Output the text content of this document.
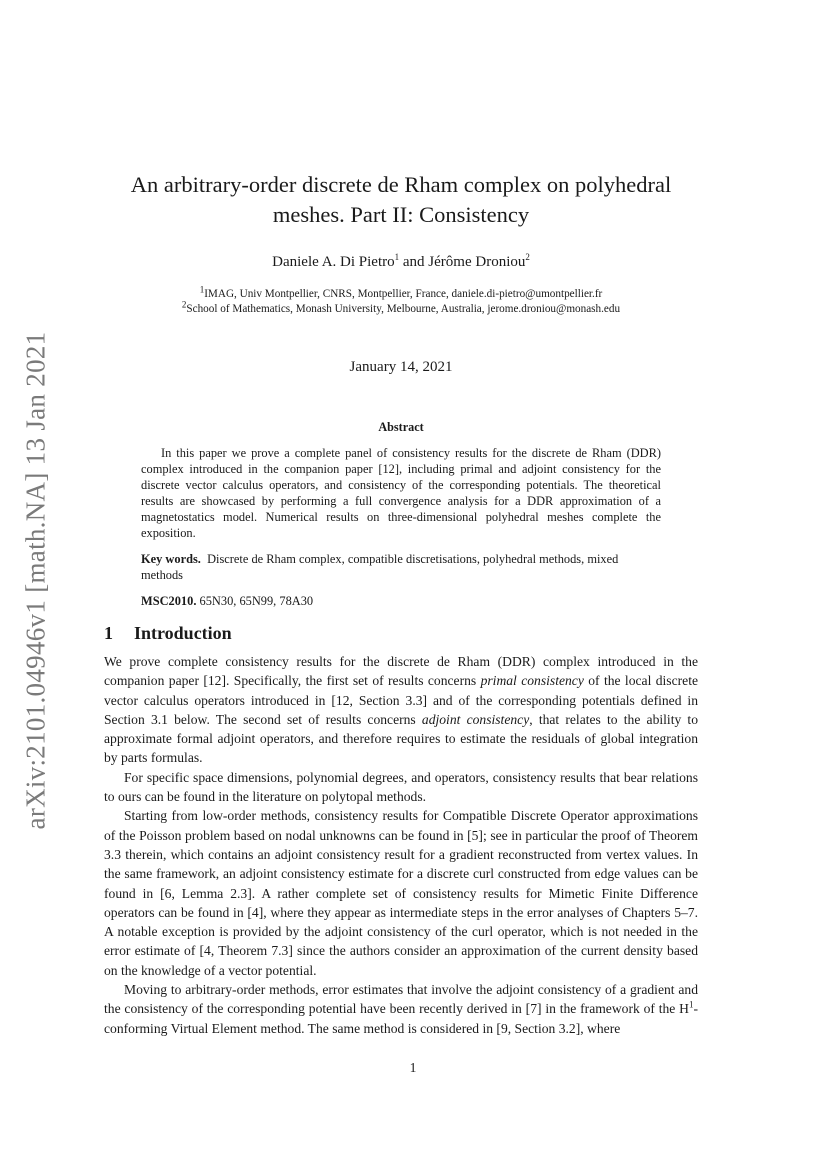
arXiv:2101.04946v1 [math.NA] 13 Jan 2021
An arbitrary-order discrete de Rham complex on polyhedral
meshes. Part II: Consistency
Daniele A. Di Pietro$^1$ and Jérôme Droniou$^2$
$^1$IMAG, Univ Montpellier, CNRS, Montpellier, France, daniele.di-pietro@umontpellier.fr
$^2$School of Mathematics, Monash University, Melbourne, Australia, jerome.droniou@monash.edu
January 14, 2021
Abstract

In this paper we prove a complete panel of consistency results for the discrete de Rham (DDR) complex introduced in the companion paper [12], including primal and adjoint consistency for the discrete vector calculus operators, and consistency of the corresponding potentials. The theoretical results are showcased by performing a full convergence analysis for a DDR approximation of a magnetostatics model. Numerical results on three-dimensional polyhedral meshes complete the exposition.

Key words. Discrete de Rham complex, compatible discretisations, polyhedral methods, mixed methods

MSC2010. 65N30, 65N99, 78A30

1 Introduction

We prove complete consistency results for the discrete de Rham (DDR) complex introduced in the companion paper [12]. Specifically, the first set of results concerns primal consistency of the local discrete vector calculus operators introduced in [12, Section 3.3] and of the corresponding potentials defined in Section 3.1 below. The second set of results concerns adjoint consistency, that relates to the ability to approximate formal adjoint operators, and therefore requires to estimate the residuals of global integration by parts formulas.

For specific space dimensions, polynomial degrees, and operators, consistency results that bear relations to ours can be found in the literature on polytopal methods.

Starting from low-order methods, consistency results for Compatible Discrete Operator approximations of the Poisson problem based on nodal unknowns can be found in [5]; see in particular the proof of Theorem 3.3 therein, which contains an adjoint consistency result for a gradient reconstructed from vertex values. In the same framework, an adjoint consistency estimate for a discrete curl constructed from edge values can be found in [6, Lemma 2.3]. A rather complete set of consistency results for Mimetic Finite Difference operators can be found in [4], where they appear as intermediate steps in the error analyses of Chapters 5–7. A notable exception is provided by the adjoint consistency of the curl operator, which is not needed in the error estimate of [4, Theorem 7.3] since the authors consider an approximation of the current density based on the knowledge of a vector potential.

Moving to arbitrary-order methods, error estimates that involve the adjoint consistency of a gradient and the consistency of the corresponding potential have been recently derived in [7] in the framework of the $H^1$-conforming Virtual Element method. The same method is considered in [9, Section 3.2], where

1
